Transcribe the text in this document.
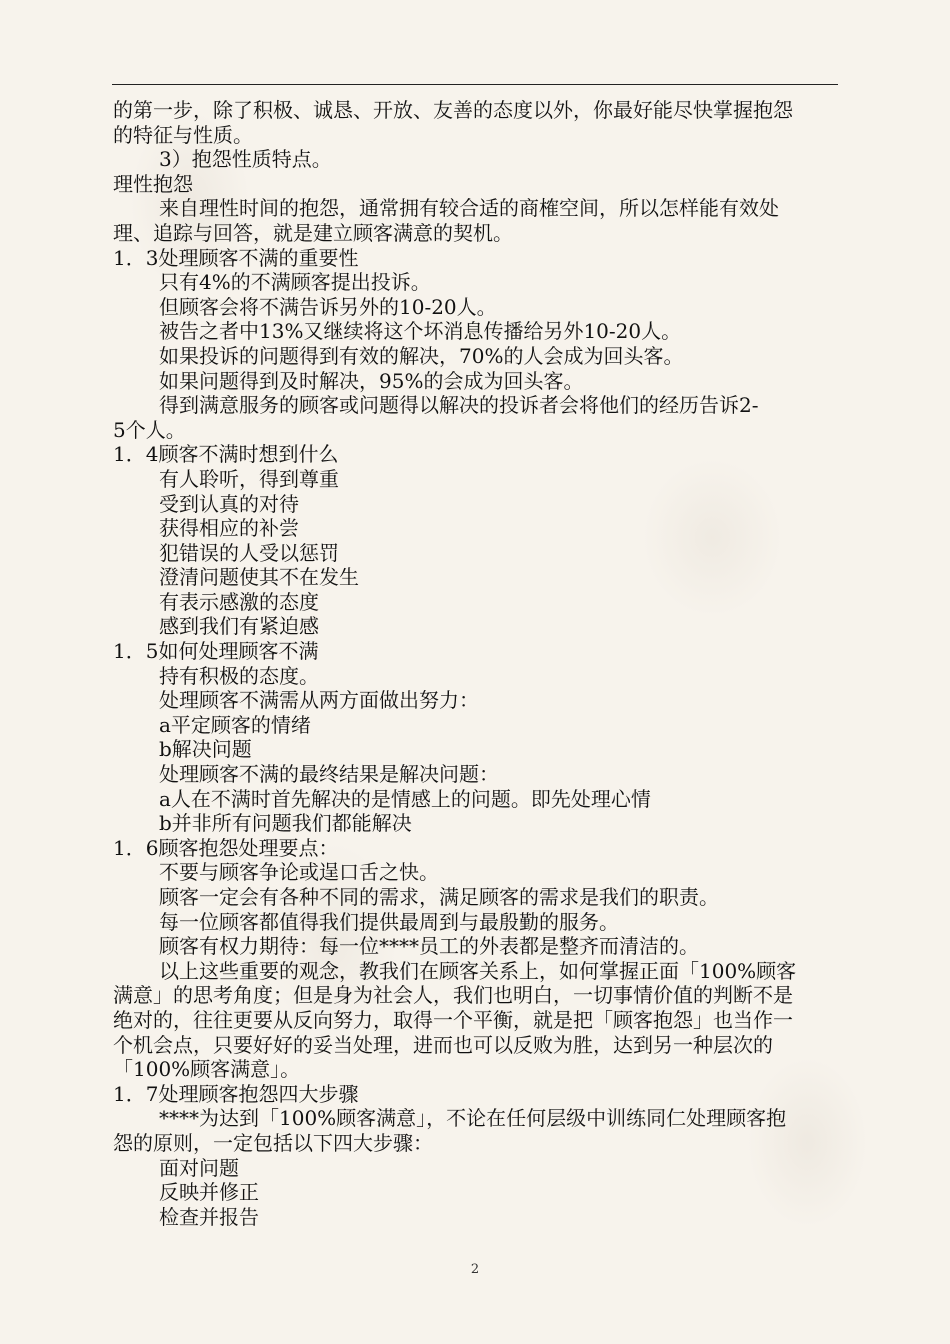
的第一步，除了积极、诚恳、开放、友善的态度以外，你最好能尽快掌握抱怨
的特征与性质。
3）抱怨性质特点。
理性抱怨
来自理性时间的抱怨，通常拥有较合适的商榷空间，所以怎样能有效处
理、追踪与回答，就是建立顾客满意的契机。
1．3处理顾客不满的重要性
只有4%的不满顾客提出投诉。
但顾客会将不满告诉另外的10-20人。
被告之者中13%又继续将这个坏消息传播给另外10-20人。
如果投诉的问题得到有效的解决，70%的人会成为回头客。
如果问题得到及时解决，95%的会成为回头客。
得到满意服务的顾客或问题得以解决的投诉者会将他们的经历告诉2-
5个人。
1．4顾客不满时想到什么
有人聆听，得到尊重
受到认真的对待
获得相应的补尝
犯错误的人受以惩罚
澄清问题使其不在发生
有表示感激的态度
感到我们有紧迫感
1．5如何处理顾客不满
持有积极的态度。
处理顾客不满需从两方面做出努力：
a平定顾客的情绪
b解决问题
处理顾客不满的最终结果是解决问题：
a人在不满时首先解决的是情感上的问题。即先处理心情
b并非所有问题我们都能解决
1．6顾客抱怨处理要点：
不要与顾客争论或逞口舌之快。
顾客一定会有各种不同的需求，满足顾客的需求是我们的职责。
每一位顾客都值得我们提供最周到与最殷勤的服务。
顾客有权力期待：每一位****员工的外表都是整齐而清洁的。
以上这些重要的观念，教我们在顾客关系上，如何掌握正面「100%顾客
满意」的思考角度；但是身为社会人，我们也明白，一切事情价值的判断不是
绝对的，往往更要从反向努力，取得一个平衡，就是把「顾客抱怨」也当作一
个机会点，只要好好的妥当处理，进而也可以反败为胜，达到另一种层次的
「100%顾客满意」。
1．7处理顾客抱怨四大步骤
****为达到「100%顾客满意」，不论在任何层级中训练同仁处理顾客抱
怨的原则，一定包括以下四大步骤：
面对问题
反映并修正
检查并报告
2
